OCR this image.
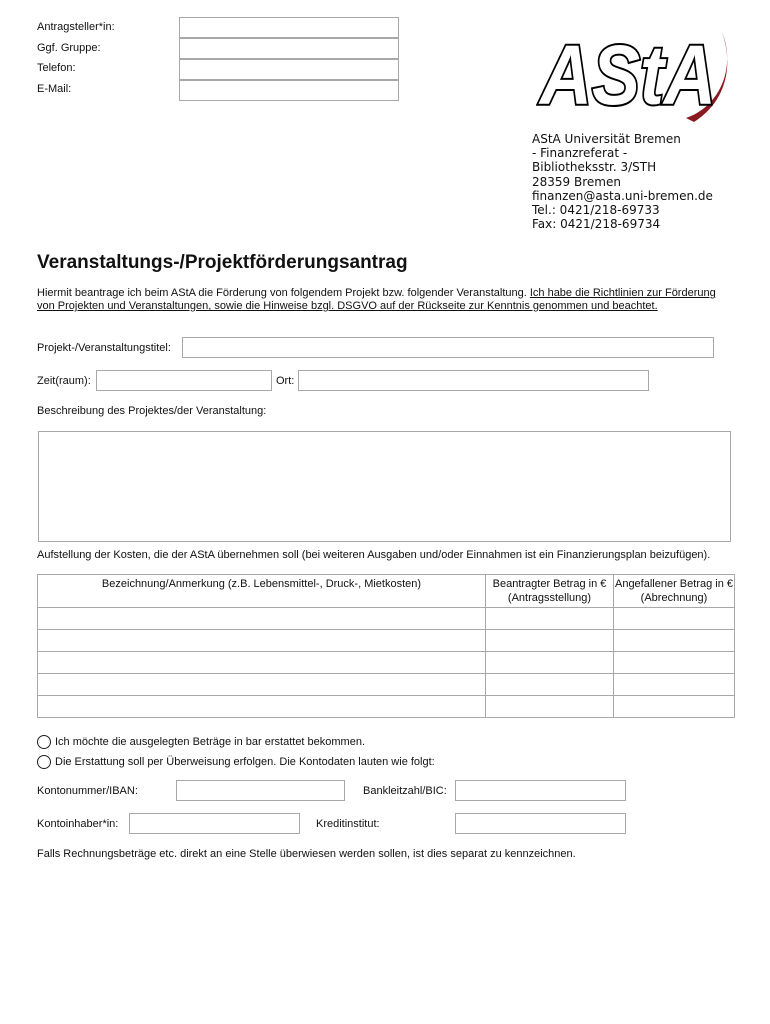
Antragsteller*in:
Ggf. Gruppe:
Telefon:
E-Mail:	AStA
AStA Universität Bremen
- Finanzreferat -
Bibliotheksstr. 3/STH
28359 Bremen
finanzen@asta.uni-bremen.de
Tel.: 0421/218-69733
Fax: 0421/218-69734
Veranstaltungs-/Projektförderungsantrag
Hiermit beantrage ich beim AStA die Förderung von folgendem Projekt bzw. folgender Veranstaltung. Ich habe die Richtlinien zur Förderung von Projekten und Veranstaltungen, sowie die Hinweise bzgl. DSGVO auf der Rückseite zur Kenntnis genommen und beachtet.
Projekt-/Veranstaltungstitel:
Zeit(raum):	Ort:
Beschreibung des Projektes/der Veranstaltung:
Aufstellung der Kosten, die der AStA übernehmen soll (bei weiteren Ausgaben und/oder Einnahmen ist ein Finanzierungsplan beizufügen).
Bezeichnung/Anmerkung (z.B. Lebensmittel-, Druck-, Mietkosten)	Beantragter Betrag in € (Antragsstellung)	Angefallener Betrag in € (Abrechnung)

Ich möchte die ausgelegten Beträge in bar erstattet bekommen.
Die Erstattung soll per Überweisung erfolgen. Die Kontodaten lauten wie folgt:
Kontonummer/IBAN:	Bankleitzahl/BIC:
Kontoinhaber*in:	Kreditinstitut:
Falls Rechnungsbeträge etc. direkt an eine Stelle überwiesen werden sollen, ist dies separat zu kennzeichnen.
